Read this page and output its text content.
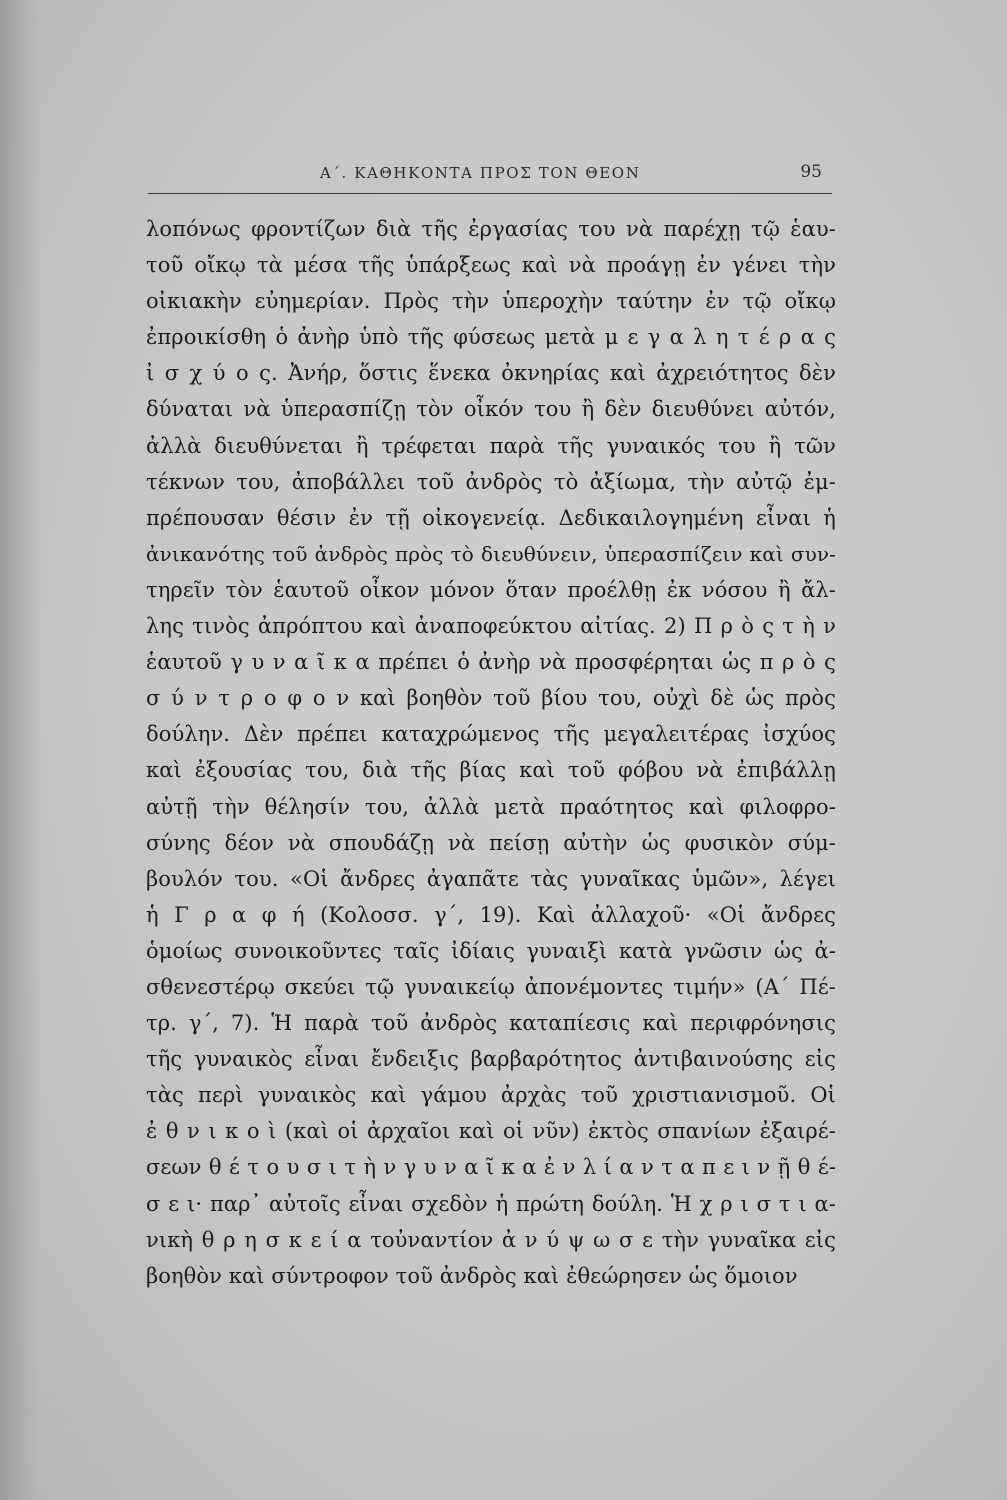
Α΄. ΚΑΘΗΚΟΝΤΑ ΠΡΟΣ ΤΟΝ ΘΕΟΝ	95
λοπόνως φροντίζων διὰ τῆς ἐργασίας του νὰ παρέχῃ τῷ ἑαυ-
τοῦ οἴκῳ τὰ μέσα τῆς ὑπάρξεως καὶ νὰ προάγῃ ἐν γένει τὴν
οἰκιακὴν εὐημερίαν. Πρὸς τὴν ὑπεροχὴν ταύτην ἐν τῷ οἴκῳ
ἐπροικίσθη ὁ ἀνὴρ ὑπὸ τῆς φύσεως μετὰ μ ε γ α λ η τ έ ρ α ς
ἰ σ χ ύ ο ς. Ἀνήρ, ὅστις ἕνεκα ὀκνηρίας καὶ ἀχρειότητος δὲν
δύναται νὰ ὑπερασπίζῃ τὸν οἶκόν του ἢ δὲν διευθύνει αὐτόν,
ἀλλὰ διευθύνεται ἢ τρέφεται παρὰ τῆς γυναικός του ἢ τῶν
τέκνων του, ἀποβάλλει τοῦ ἀνδρὸς τὸ ἀξίωμα, τὴν αὐτῷ ἐμ-
πρέπουσαν θέσιν ἐν τῇ οἰκογενείᾳ. Δεδικαιλογημένη εἶναι ἡ
ἀνικανότης τοῦ ἀνδρὸς πρὸς τὸ διευθύνειν, ὑπερασπίζειν καὶ συν-
τηρεῖν τὸν ἑαυτοῦ οἶκον μόνον ὅταν προέλθῃ ἐκ νόσου ἢ ἄλ-
λης τινὸς ἀπρόπτου καὶ ἀναποφεύκτου αἰτίας. 2) Π ρ ὸ ς τ ὴ ν
ἑαυτοῦ γ υ ν α ῖ κ α πρέπει ὁ ἀνὴρ νὰ προσφέρηται ὡς π ρ ὸ ς
σ ύ ν τ ρ ο φ ο ν καὶ βοηθὸν τοῦ βίου του, οὐχὶ δὲ ὡς πρὸς
δούλην. Δὲν πρέπει καταχρώμενος τῆς μεγαλειτέρας ἰσχύος
καὶ ἐξουσίας του, διὰ τῆς βίας καὶ τοῦ φόβου νὰ ἐπιβάλλῃ
αὐτῇ τὴν θέλησίν του, ἀλλὰ μετὰ πραότητος καὶ φιλοφρο-
σύνης δέον νὰ σπουδάζῃ νὰ πείσῃ αὐτὴν ὡς φυσικὸν σύμ-
βουλόν του. «Οἱ ἄνδρες ἀγαπᾶτε τὰς γυναῖκας ὑμῶν», λέγει
ἡ Γ ρ α φ ή (Κολοσσ. γ΄, 19). Καὶ ἀλλαχοῦ· «Οἱ ἄνδρες
ὁμοίως συνοικοῦντες ταῖς ἰδίαις γυναιξὶ κατὰ γνῶσιν ὡς ἀ-
σθενεστέρῳ σκεύει τῷ γυναικείῳ ἀπονέμοντες τιμήν» (Α΄ Πέ-
τρ. γ΄, 7). Ἡ παρὰ τοῦ ἀνδρὸς καταπίεσις καὶ περιφρόνησις
τῆς γυναικὸς εἶναι ἔνδειξις βαρβαρότητος ἀντιβαινούσης εἰς
τὰς περὶ γυναικὸς καὶ γάμου ἀρχὰς τοῦ χριστιανισμοῦ. Οἱ
ἐ θ ν ι κ ο ὶ (καὶ οἱ ἀρχαῖοι καὶ οἱ νῦν) ἐκτὸς σπανίων ἐξαιρέ-
σεων θ έ τ ο υ σ ι τ ὴ ν γ υ ν α ῖ κ α ἐ ν λ ί α ν τ α π ε ι ν ῇ θ έ-
σ ε ι· παρ᾿ αὐτοῖς εἶναι σχεδὸν ἡ πρώτη δούλη. Ἡ χ ρ ι σ τ ι α-
νικὴ θ ρ η σ κ ε ί α τοὐναντίον ἀ ν ύ ψ ω σ ε τὴν γυναῖκα εἰς
βοηθὸν καὶ σύντροφον τοῦ ἀνδρὸς καὶ ἐθεώρησεν ὡς ὅμοιον
